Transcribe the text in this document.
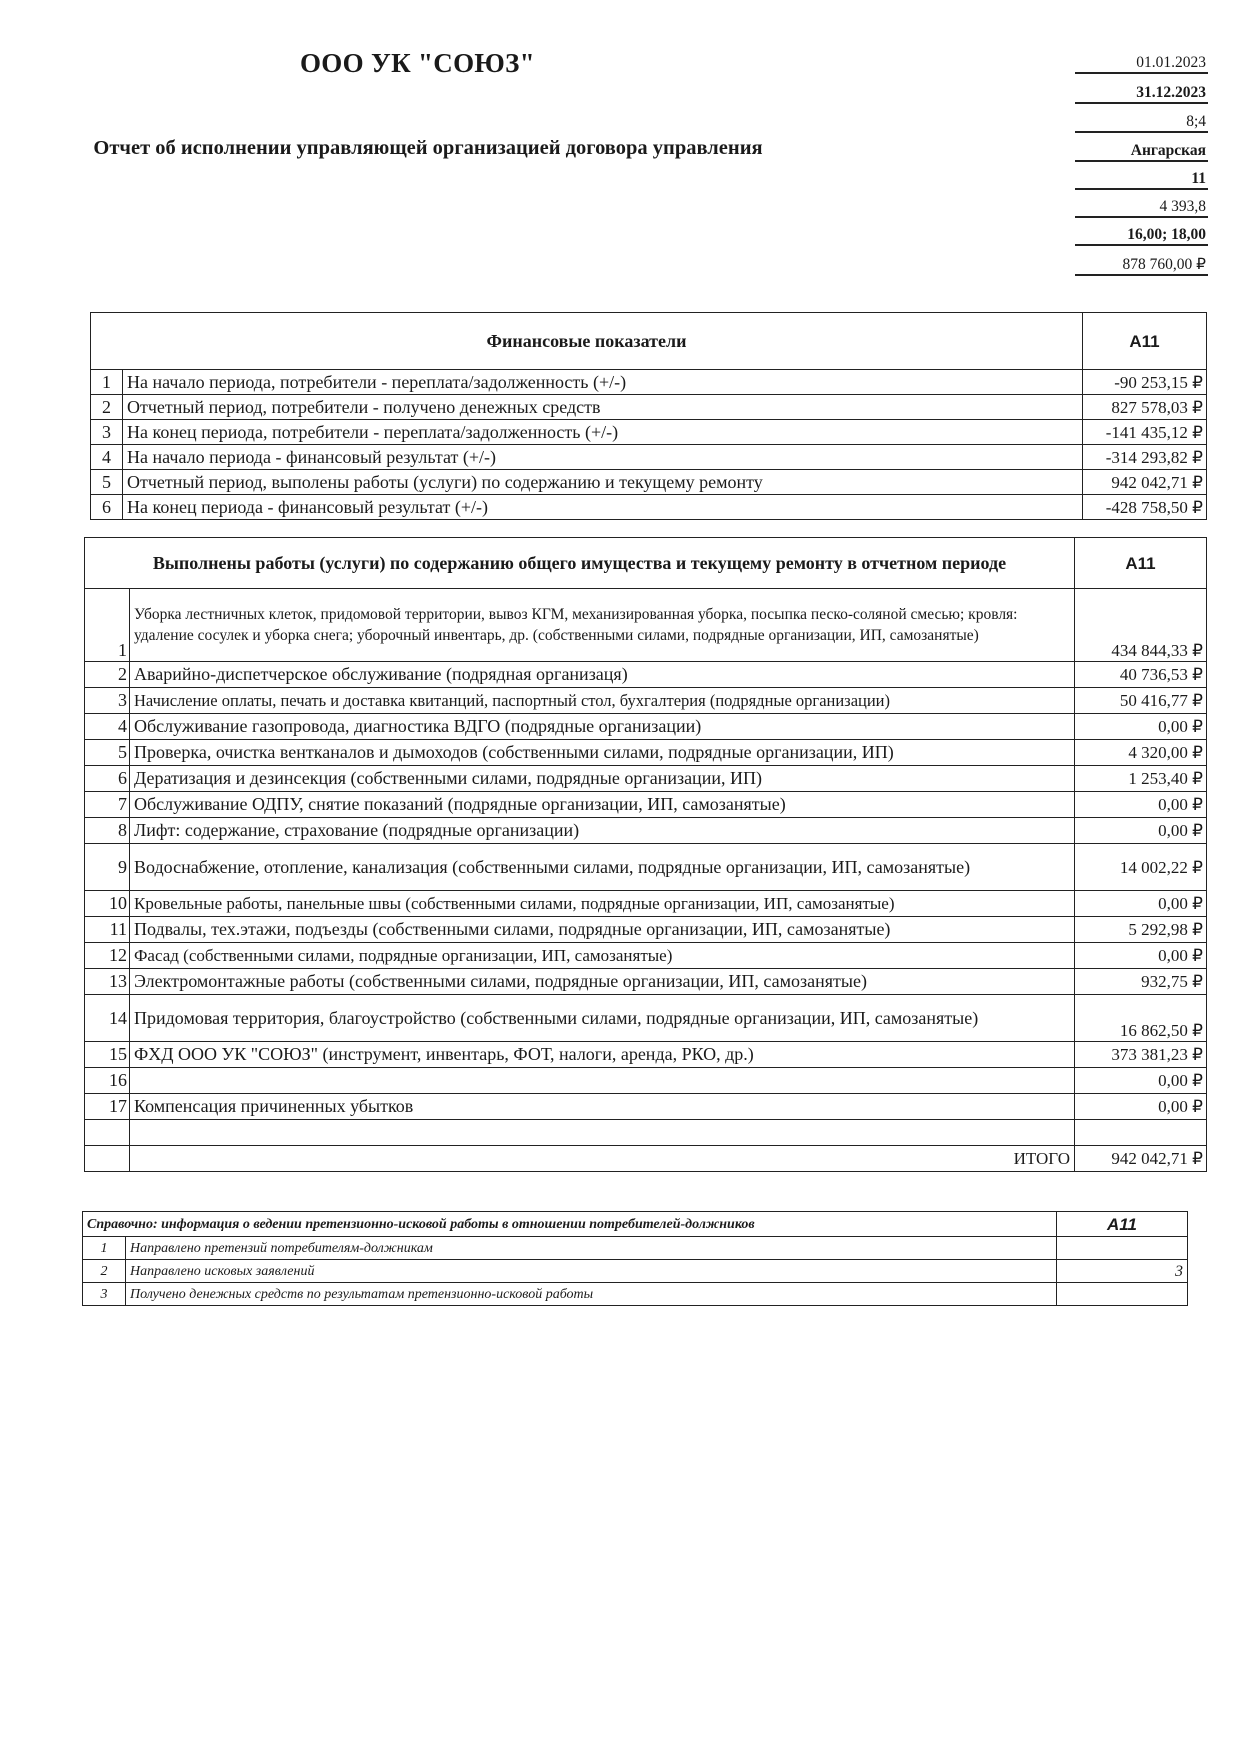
ООО УК "СОЮЗ"
Отчет об исполнении управляющей организацией договора управления
01.01.2023
31.12.2023
8;4
Ангарская
11
4 393,8
16,00; 18,00
878 760,00 ₽
Финансовые показатели		А11
1	На начало периода, потребители - переплата/задолженность (+/-)	-90 253,15 ₽
2	Отчетный период, потребители - получено денежных средств	827 578,03 ₽
3	На конец периода, потребители - переплата/задолженность (+/-)	-141 435,12 ₽
4	На начало периода - финансовый результат (+/-)	-314 293,82 ₽
5	Отчетный период, выполены работы (услуги) по содержанию и текущему ремонту	942 042,71 ₽
6	На конец периода - финансовый результат (+/-)	-428 758,50 ₽
Выполнены работы (услуги) по содержанию общего имущества и текущему ремонту в отчетном периоде		А11
1	Уборка лестничных клеток, придомовой территории, вывоз КГМ, механизированная уборка, посыпка песко-соляной смесью; кровля: удаление сосулек и уборка снега; уборочный инвентарь, др. (собственными силами, подрядные организации, ИП, самозанятые)	434 844,33 ₽
2	Аварийно-диспетчерское обслуживание (подрядная организаця)	40 736,53 ₽
3	Начисление оплаты, печать и доставка квитанций, паспортный стол, бухгалтерия (подрядные организации)	50 416,77 ₽
4	Обслуживание газопровода, диагностика ВДГО (подрядные организации)	0,00 ₽
5	Проверка, очистка вентканалов и дымоходов (собственными силами, подрядные организации, ИП)	4 320,00 ₽
6	Дератизация и дезинсекция (собственными силами, подрядные организации, ИП)	1 253,40 ₽
7	Обслуживание ОДПУ, снятие показаний (подрядные организации, ИП, самозанятые)	0,00 ₽
8	Лифт: содержание, страхование (подрядные организации)	0,00 ₽
9	Водоснабжение, отопление, канализация (собственными силами, подрядные организации, ИП, самозанятые)	14 002,22 ₽
10	Кровельные работы, панельные швы (собственными силами, подрядные организации, ИП, самозанятые)	0,00 ₽
11	Подвалы, тех.этажи, подъезды (собственными силами, подрядные организации, ИП, самозанятые)	5 292,98 ₽
12	Фасад (собственными силами, подрядные организации, ИП, самозанятые)	0,00 ₽
13	Электромонтажные работы (собственными силами, подрядные организации, ИП, самозанятые)	932,75 ₽
14	Придомовая территория, благоустройство (собственными силами, подрядные организации, ИП, самозанятые)	16 862,50 ₽
15	ФХД ООО УК "СОЮЗ" (инструмент, инвентарь, ФОТ, налоги, аренда, РКО, др.)	373 381,23 ₽
16		0,00 ₽
17	Компенсация причиненных убытков	0,00 ₽

	ИТОГО	942 042,71 ₽
Справочно: информация о ведении претензионно-исковой работы в отношении потребителей-должников		А11
1	Направлено претензий потребителям-должникам	
2	Направлено исковых заявлений	3
3	Получено денежных средств по результатам претензионно-исковой работы	
